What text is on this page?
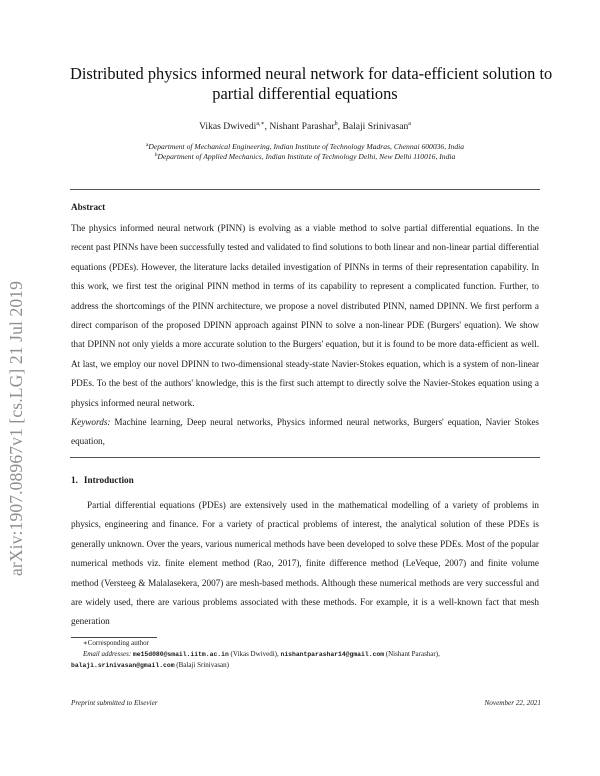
arXiv:1907.08967v1 [cs.LG] 21 Jul 2019
Distributed physics informed neural network for data-efficient solution to
partial differential equations
Vikas Dwivedi$^{a,∗}$, Nishant Parashar$^b$, Balaji Srinivasan$^a$
$^a$Department of Mechanical Engineering, Indian Institute of Technology Madras, Chennai 600036, India
$^b$Department of Applied Mechanics, Indian Institute of Technology Delhi, New Delhi 110016, India
Abstract
The physics informed neural network (PINN) is evolving as a viable method to solve partial differential equations. In the recent past PINNs have been successfully tested and validated to find solutions to both linear and non-linear partial differential equations (PDEs). However, the literature lacks detailed investigation of PINNs in terms of their representation capability. In this work, we first test the original PINN method in terms of its capability to represent a complicated function. Further, to address the shortcomings of the PINN architecture, we propose a novel distributed PINN, named DPINN. We first perform a direct comparison of the proposed DPINN approach against PINN to solve a non-linear PDE (Burgers' equation). We show that DPINN not only yields a more accurate solution to the Burgers' equation, but it is found to be more data-efficient as well. At last, we employ our novel DPINN to two-dimensional steady-state Navier-Stokes equation, which is a system of non-linear PDEs. To the best of the authors' knowledge, this is the first such attempt to directly solve the Navier-Stokes equation using a physics informed neural network.
Keywords: Machine learning, Deep neural networks, Physics informed neural networks, Burgers' equation, Navier Stokes equation,
1. Introduction
Partial differential equations (PDEs) are extensively used in the mathematical modelling of a variety of problems in physics, engineering and finance. For a variety of practical problems of interest, the analytical solution of these PDEs is generally unknown. Over the years, various numerical methods have been developed to solve these PDEs. Most of the popular numerical methods viz. finite element method (Rao, 2017), finite difference method (LeVeque, 2007) and finite volume method (Versteeg & Malalasekera, 2007) are mesh-based methods. Although these numerical methods are very successful and are widely used, there are various problems associated with these methods. For example, it is a well-known fact that mesh generation
∗Corresponding author
Email addresses: me15d080@smail.iitm.ac.in (Vikas Dwivedi), nishantparashar14@gmail.com (Nishant Parashar),
balaji.srinivasan@gmail.com (Balaji Srinivasan)
Preprint submitted to Elsevier	November 22, 2021
